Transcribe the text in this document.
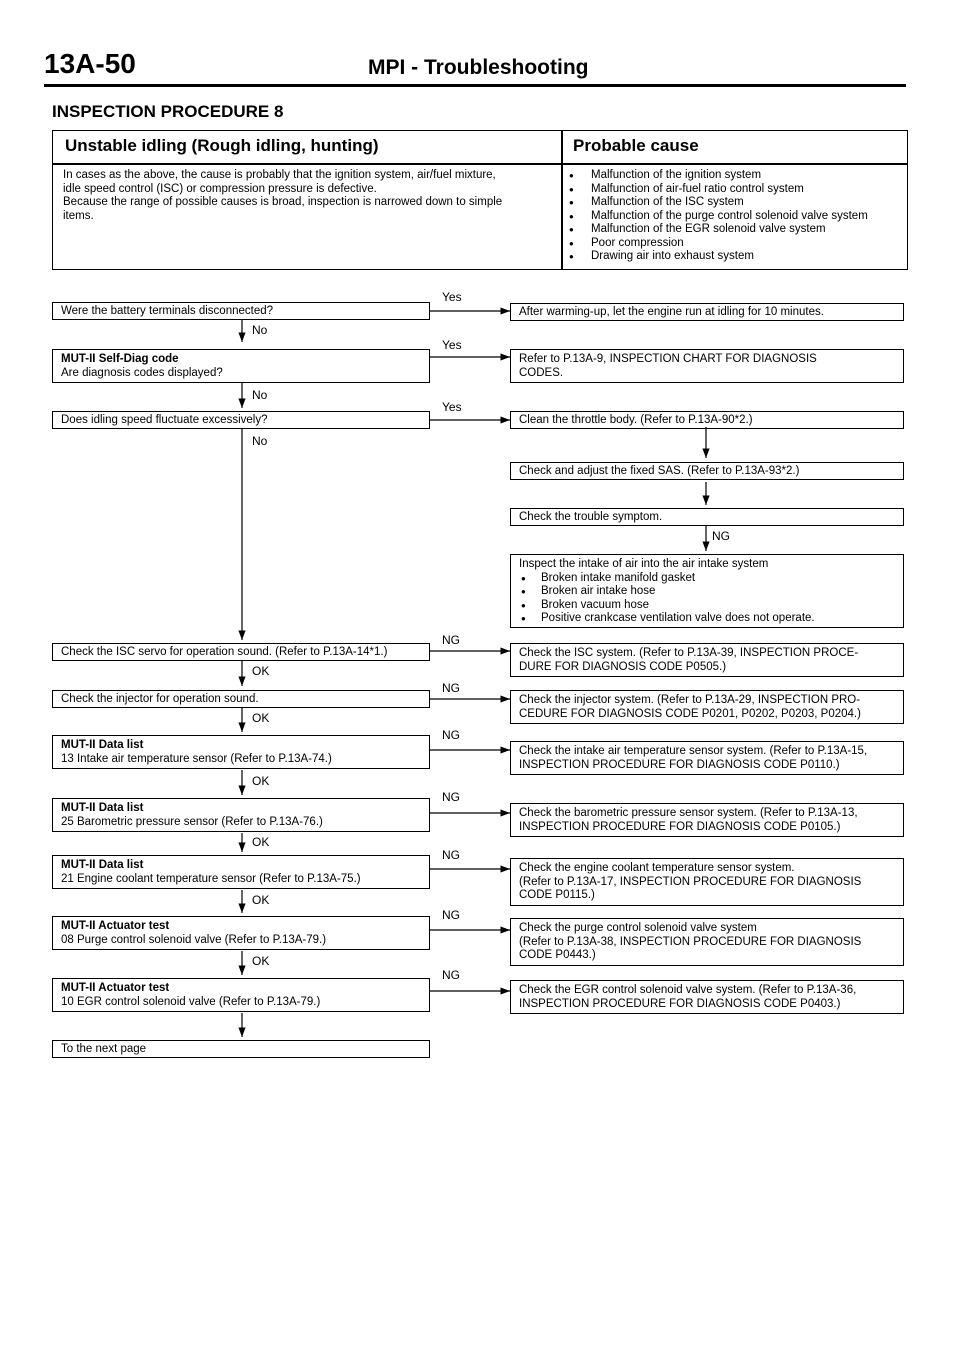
13A-50	MPI - Troubleshooting
INSPECTION PROCEDURE 8
Unstable idling (Rough idling, hunting)	Probable cause
In cases as the above, the cause is probably that the ignition system, air/fuel mixture,
idle speed control (ISC) or compression pressure is defective.
Because the range of possible causes is broad, inspection is narrowed down to simple
items.
● Malfunction of the ignition system
● Malfunction of air-fuel ratio control system
● Malfunction of the ISC system
● Malfunction of the purge control solenoid valve system
● Malfunction of the EGR solenoid valve system
● Poor compression
● Drawing air into exhaust system
Yes
Yes
Yes
No
No
No
NG
NG
NG
NG
NG
NG
NG
NG
OK
OK
OK
OK
OK
OK
Were the battery terminals disconnected?
MUT-II Self-Diag code
Are diagnosis codes displayed?
Does idling speed fluctuate excessively?
Check the ISC servo for operation sound. (Refer to P.13A-14*1.)
Check the injector for operation sound.
MUT-II Data list
13 Intake air temperature sensor (Refer to P.13A-74.)
MUT-II Data list
25 Barometric pressure sensor (Refer to P.13A-76.)
MUT-II Data list
21 Engine coolant temperature sensor (Refer to P.13A-75.)
MUT-II Actuator test
08 Purge control solenoid valve (Refer to P.13A-79.)
MUT-II Actuator test
10 EGR control solenoid valve (Refer to P.13A-79.)
To the next page
After warming-up, let the engine run at idling for 10 minutes.
Refer to P.13A-9, INSPECTION CHART FOR DIAGNOSIS
CODES.
Clean the throttle body. (Refer to P.13A-90*2.)
Check and adjust the fixed SAS. (Refer to P.13A-93*2.)
Check the trouble symptom.
Inspect the intake of air into the air intake system
● Broken intake manifold gasket
● Broken air intake hose
● Broken vacuum hose
● Positive crankcase ventilation valve does not operate.
Check the ISC system. (Refer to P.13A-39, INSPECTION PROCE-
DURE FOR DIAGNOSIS CODE P0505.)
Check the injector system. (Refer to P.13A-29, INSPECTION PRO-
CEDURE FOR DIAGNOSIS CODE P0201, P0202, P0203, P0204.)
Check the intake air temperature sensor system. (Refer to P.13A-15,
INSPECTION PROCEDURE FOR DIAGNOSIS CODE P0110.)
Check the barometric pressure sensor system. (Refer to P.13A-13,
INSPECTION PROCEDURE FOR DIAGNOSIS CODE P0105.)
Check the engine coolant temperature sensor system.
(Refer to P.13A-17, INSPECTION PROCEDURE FOR DIAGNOSIS
CODE P0115.)
Check the purge control solenoid valve system
(Refer to P.13A-38, INSPECTION PROCEDURE FOR DIAGNOSIS
CODE P0443.)
Check the EGR control solenoid valve system. (Refer to P.13A-36,
INSPECTION PROCEDURE FOR DIAGNOSIS CODE P0403.)
